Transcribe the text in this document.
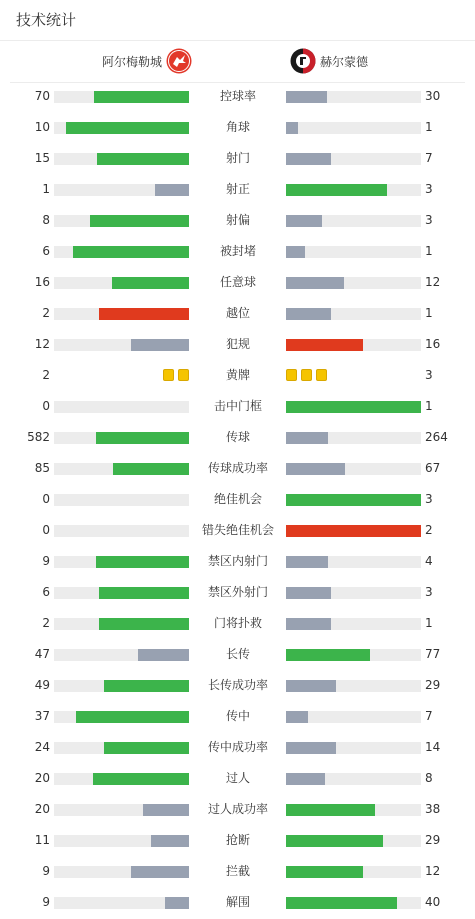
技术统计
阿尔梅勒城	赫尔蒙德
70	控球率	30
10	角球	1
15	射门	7
1	射正	3
8	射偏	3
6	被封堵	1
16	任意球	12
2	越位	1
12	犯规	16
2	黄牌	3
0	击中门框	1
582	传球	264
85	传球成功率	67
0	绝佳机会	3
0	错失绝佳机会	2
9	禁区内射门	4
6	禁区外射门	3
2	门将扑救	1
47	长传	77
49	长传成功率	29
37	传中	7
24	传中成功率	14
20	过人	8
20	过人成功率	38
11	抢断	29
9	拦截	12
9	解围	40
